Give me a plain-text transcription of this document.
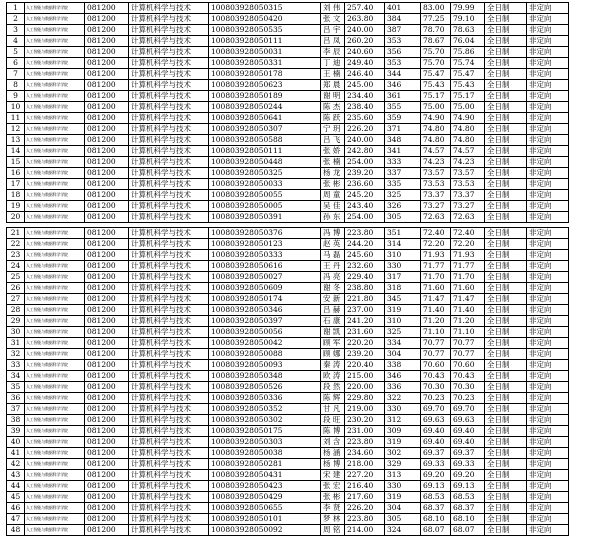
1	人工智能与数据科学学院	081200	计算机科学与技术	100803928050315	刘 伟	257.40	401	83.00	79.99	全日制	非定向
2	人工智能与数据科学学院	081200	计算机科学与技术	100803928050420	张 文	263.80	384	77.25	79.10	全日制	非定向
3	人工智能与数据科学学院	081200	计算机科学与技术	100803928050535	吕 宇	240.00	387	78.70	78.63	全日制	非定向
4	人工智能与数据科学学院	081200	计算机科学与技术	100803928050111	吕 凤	260.20	353	78.67	76.04	全日制	非定向
5	人工智能与数据科学学院	081200	计算机科学与技术	100803928050031	李 辰	240.60	356	75.70	75.86	全日制	非定向
6	人工智能与数据科学学院	081200	计算机科学与技术	100803928050331	丁 迪	249.40	353	75.70	75.74	全日制	非定向
7	人工智能与数据科学学院	081200	计算机科学与技术	100803928050178	王 楠	246.40	344	75.47	75.47	全日制	非定向
8	人工智能与数据科学学院	081200	计算机科学与技术	100803928050623	郑 晨	245.00	346	75.43	75.43	全日制	非定向
9	人工智能与数据科学学院	081200	计算机科学与技术	100803928050189	谢 明	234.40	361	75.17	75.17	全日制	非定向
10	人工智能与数据科学学院	081200	计算机科学与技术	100803928050244	陈 杰	238.40	355	75.00	75.00	全日制	非定向
11	人工智能与数据科学学院	081200	计算机科学与技术	100803928050641	陈 跃	235.60	359	74.90	74.90	全日制	非定向
12	人工智能与数据科学学院	081200	计算机科学与技术	100803928050307	宁 玥	226.20	371	74.80	74.80	全日制	非定向
13	人工智能与数据科学学院	081200	计算机科学与技术	100803928050588	吕 飞	240.00	348	74.80	74.80	全日制	非定向
14	人工智能与数据科学学院	081200	计算机科学与技术	100803928050111	张 娇	242.80	341	74.57	74.57	全日制	非定向
15	人工智能与数据科学学院	081200	计算机科学与技术	100803928050448	张 楠	254.00	333	74.23	74.23	全日制	非定向
16	人工智能与数据科学学院	081200	计算机科学与技术	100803928050325	杨 龙	239.20	337	73.57	73.57	全日制	非定向
17	人工智能与数据科学学院	081200	计算机科学与技术	100803928050033	张 彬	236.60	335	73.53	73.53	全日制	非定向
18	人工智能与数据科学学院	081200	计算机科学与技术	100803928050055	周 童	245.20	325	73.37	73.37	全日制	非定向
19	人工智能与数据科学学院	081200	计算机科学与技术	100803928050005	吴 佳	243.40	326	73.27	73.27	全日制	非定向
20	人工智能与数据科学学院	081200	计算机科学与技术	100803928050391	孙 东	254.00	305	72.63	72.63	全日制	非定向

21	人工智能与数据科学学院	081200	计算机科学与技术	100803928050376	冯 博	223.80	351	72.40	72.40	全日制	非定向
22	人工智能与数据科学学院	081200	计算机科学与技术	100803928050123	赵 英	244.20	314	72.20	72.20	全日制	非定向
23	人工智能与数据科学学院	081200	计算机科学与技术	100803928050333	马 磊	245.60	310	71.93	71.93	全日制	非定向
24	人工智能与数据科学学院	081200	计算机科学与技术	100803928050616	王 丹	232.60	330	71.77	71.77	全日制	非定向
25	人工智能与数据科学学院	081200	计算机科学与技术	100803928050027	冯 亮	229.40	317	71.70	71.70	全日制	非定向
26	人工智能与数据科学学院	081200	计算机科学与技术	100803928050609	谢 冬	238.80	318	71.60	71.60	全日制	非定向
27	人工智能与数据科学学院	081200	计算机科学与技术	100803928050174	安 新	221.80	345	71.47	71.47	全日制	非定向
28	人工智能与数据科学学院	081200	计算机科学与技术	100803928050346	吕 赫	237.00	319	71.40	71.40	全日制	非定向
29	人工智能与数据科学学院	081200	计算机科学与技术	100803928050397	石 康	241.20	310	71.20	71.20	全日制	非定向
30	人工智能与数据科学学院	081200	计算机科学与技术	100803928050056	谢 凯	231.60	325	71.10	71.10	全日制	非定向
31	人工智能与数据科学学院	081200	计算机科学与技术	100803928050042	顾 军	220.20	334	70.77	70.77	全日制	非定向
32	人工智能与数据科学学院	081200	计算机科学与技术	100803928050088	顾 娜	239.20	304	70.77	70.77	全日制	非定向
33	人工智能与数据科学学院	081200	计算机科学与技术	100803928050093	秦 涛	220.40	338	70.60	70.60	全日制	非定向
34	人工智能与数据科学学院	081200	计算机科学与技术	100803928050348	欧 涛	215.00	346	70.43	70.43	全日制	非定向
35	人工智能与数据科学学院	081200	计算机科学与技术	100803928050526	段 然	220.00	336	70.30	70.30	全日制	非定向
36	人工智能与数据科学学院	081200	计算机科学与技术	100803928050336	陈 辉	229.80	322	70.23	70.23	全日制	非定向
37	人工智能与数据科学学院	081200	计算机科学与技术	100803928050352	甘 凡	219.00	330	69.70	69.70	全日制	非定向
38	人工智能与数据科学学院	081200	计算机科学与技术	100803928050302	段 旺	230.20	312	69.63	69.63	全日制	非定向
39	人工智能与数据科学学院	081200	计算机科学与技术	100803928050175	陈 博	231.00	309	69.40	69.40	全日制	非定向
40	人工智能与数据科学学院	081200	计算机科学与技术	100803928050303	刘 含	223.80	319	69.40	69.40	全日制	非定向
41	人工智能与数据科学学院	081200	计算机科学与技术	100803928050038	杨 涵	234.60	302	69.37	69.37	全日制	非定向
42	人工智能与数据科学学院	081200	计算机科学与技术	100803928050281	杨 博	218.00	329	69.33	69.33	全日制	非定向
43	人工智能与数据科学学院	081200	计算机科学与技术	100803928050431	宋 建	227.20	313	69.20	69.20	全日制	非定向
44	人工智能与数据科学学院	081200	计算机科学与技术	100803928050423	张 宏	216.40	330	69.13	69.13	全日制	非定向
45	人工智能与数据科学学院	081200	计算机科学与技术	100803928050429	张 彬	217.60	319	68.53	68.53	全日制	非定向
46	人工智能与数据科学学院	081200	计算机科学与技术	100803928050655	李 贤	226.20	304	68.37	68.37	全日制	非定向
47	人工智能与数据科学学院	081200	计算机科学与技术	100803928050101	梦 林	223.80	305	68.10	68.10	全日制	非定向
48	人工智能与数据科学学院	081200	计算机科学与技术	100803928050092	周 铭	214.00	324	68.07	68.07	全日制	非定向
